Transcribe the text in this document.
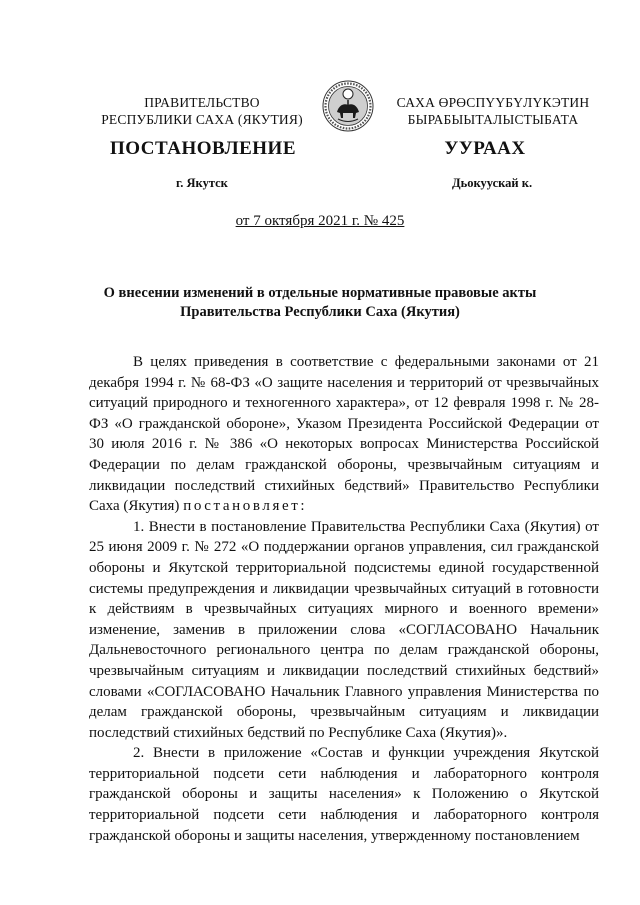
ПРАВИТЕЛЬСТВО
РЕСПУБЛИКИ САХА (ЯКУТИЯ)
САХА ӨРӨСПҮҮБҮЛҮКЭТИН
БЫРАБЫЫТАЛЫСТЫБАТА
ПОСТАНОВЛЕНИЕ	УУРААХ
г. Якутск	Дьокуускай к.
от 7 октября 2021 г. № 425
О внесении изменений в отдельные нормативные правовые акты
Правительства Республики Саха (Якутия)

В целях приведения в соответствие с федеральными законами от 21 декабря 1994 г. № 68-ФЗ «О защите населения и территорий от чрезвычайных ситуаций природного и техногенного характера», от 12 февраля 1998 г. № 28-ФЗ «О гражданской обороне», Указом Президента Российской Федерации от 30 июля 2016 г. № 386 «О некоторых вопросах Министерства Российской Федерации по делам гражданской обороны, чрезвычайным ситуациям и ликвидации последствий стихийных бедствий» Правительство Республики Саха (Якутия) постановляет:

1. Внести в постановление Правительства Республики Саха (Якутия) от 25 июня 2009 г. № 272 «О поддержании органов управления, сил гражданской обороны и Якутской территориальной подсистемы единой государственной системы предупреждения и ликвидации чрезвычайных ситуаций в готовности к действиям в чрезвычайных ситуациях мирного и военного времени» изменение, заменив в приложении слова «СОГЛАСОВАНО Начальник Дальневосточного регионального центра по делам гражданской обороны, чрезвычайным ситуациям и ликвидации последствий стихийных бедствий» словами «СОГЛАСОВАНО Начальник Главного управления Министерства по делам гражданской обороны, чрезвычайным ситуациям и ликвидации последствий стихийных бедствий по Республике Саха (Якутия)».

2. Внести в приложение «Состав и функции учреждения Якутской территориальной подсети сети наблюдения и лабораторного контроля гражданской обороны и защиты населения» к Положению о Якутской территориальной подсети сети наблюдения и лабораторного контроля гражданской обороны и защиты населения, утвержденному постановлением
